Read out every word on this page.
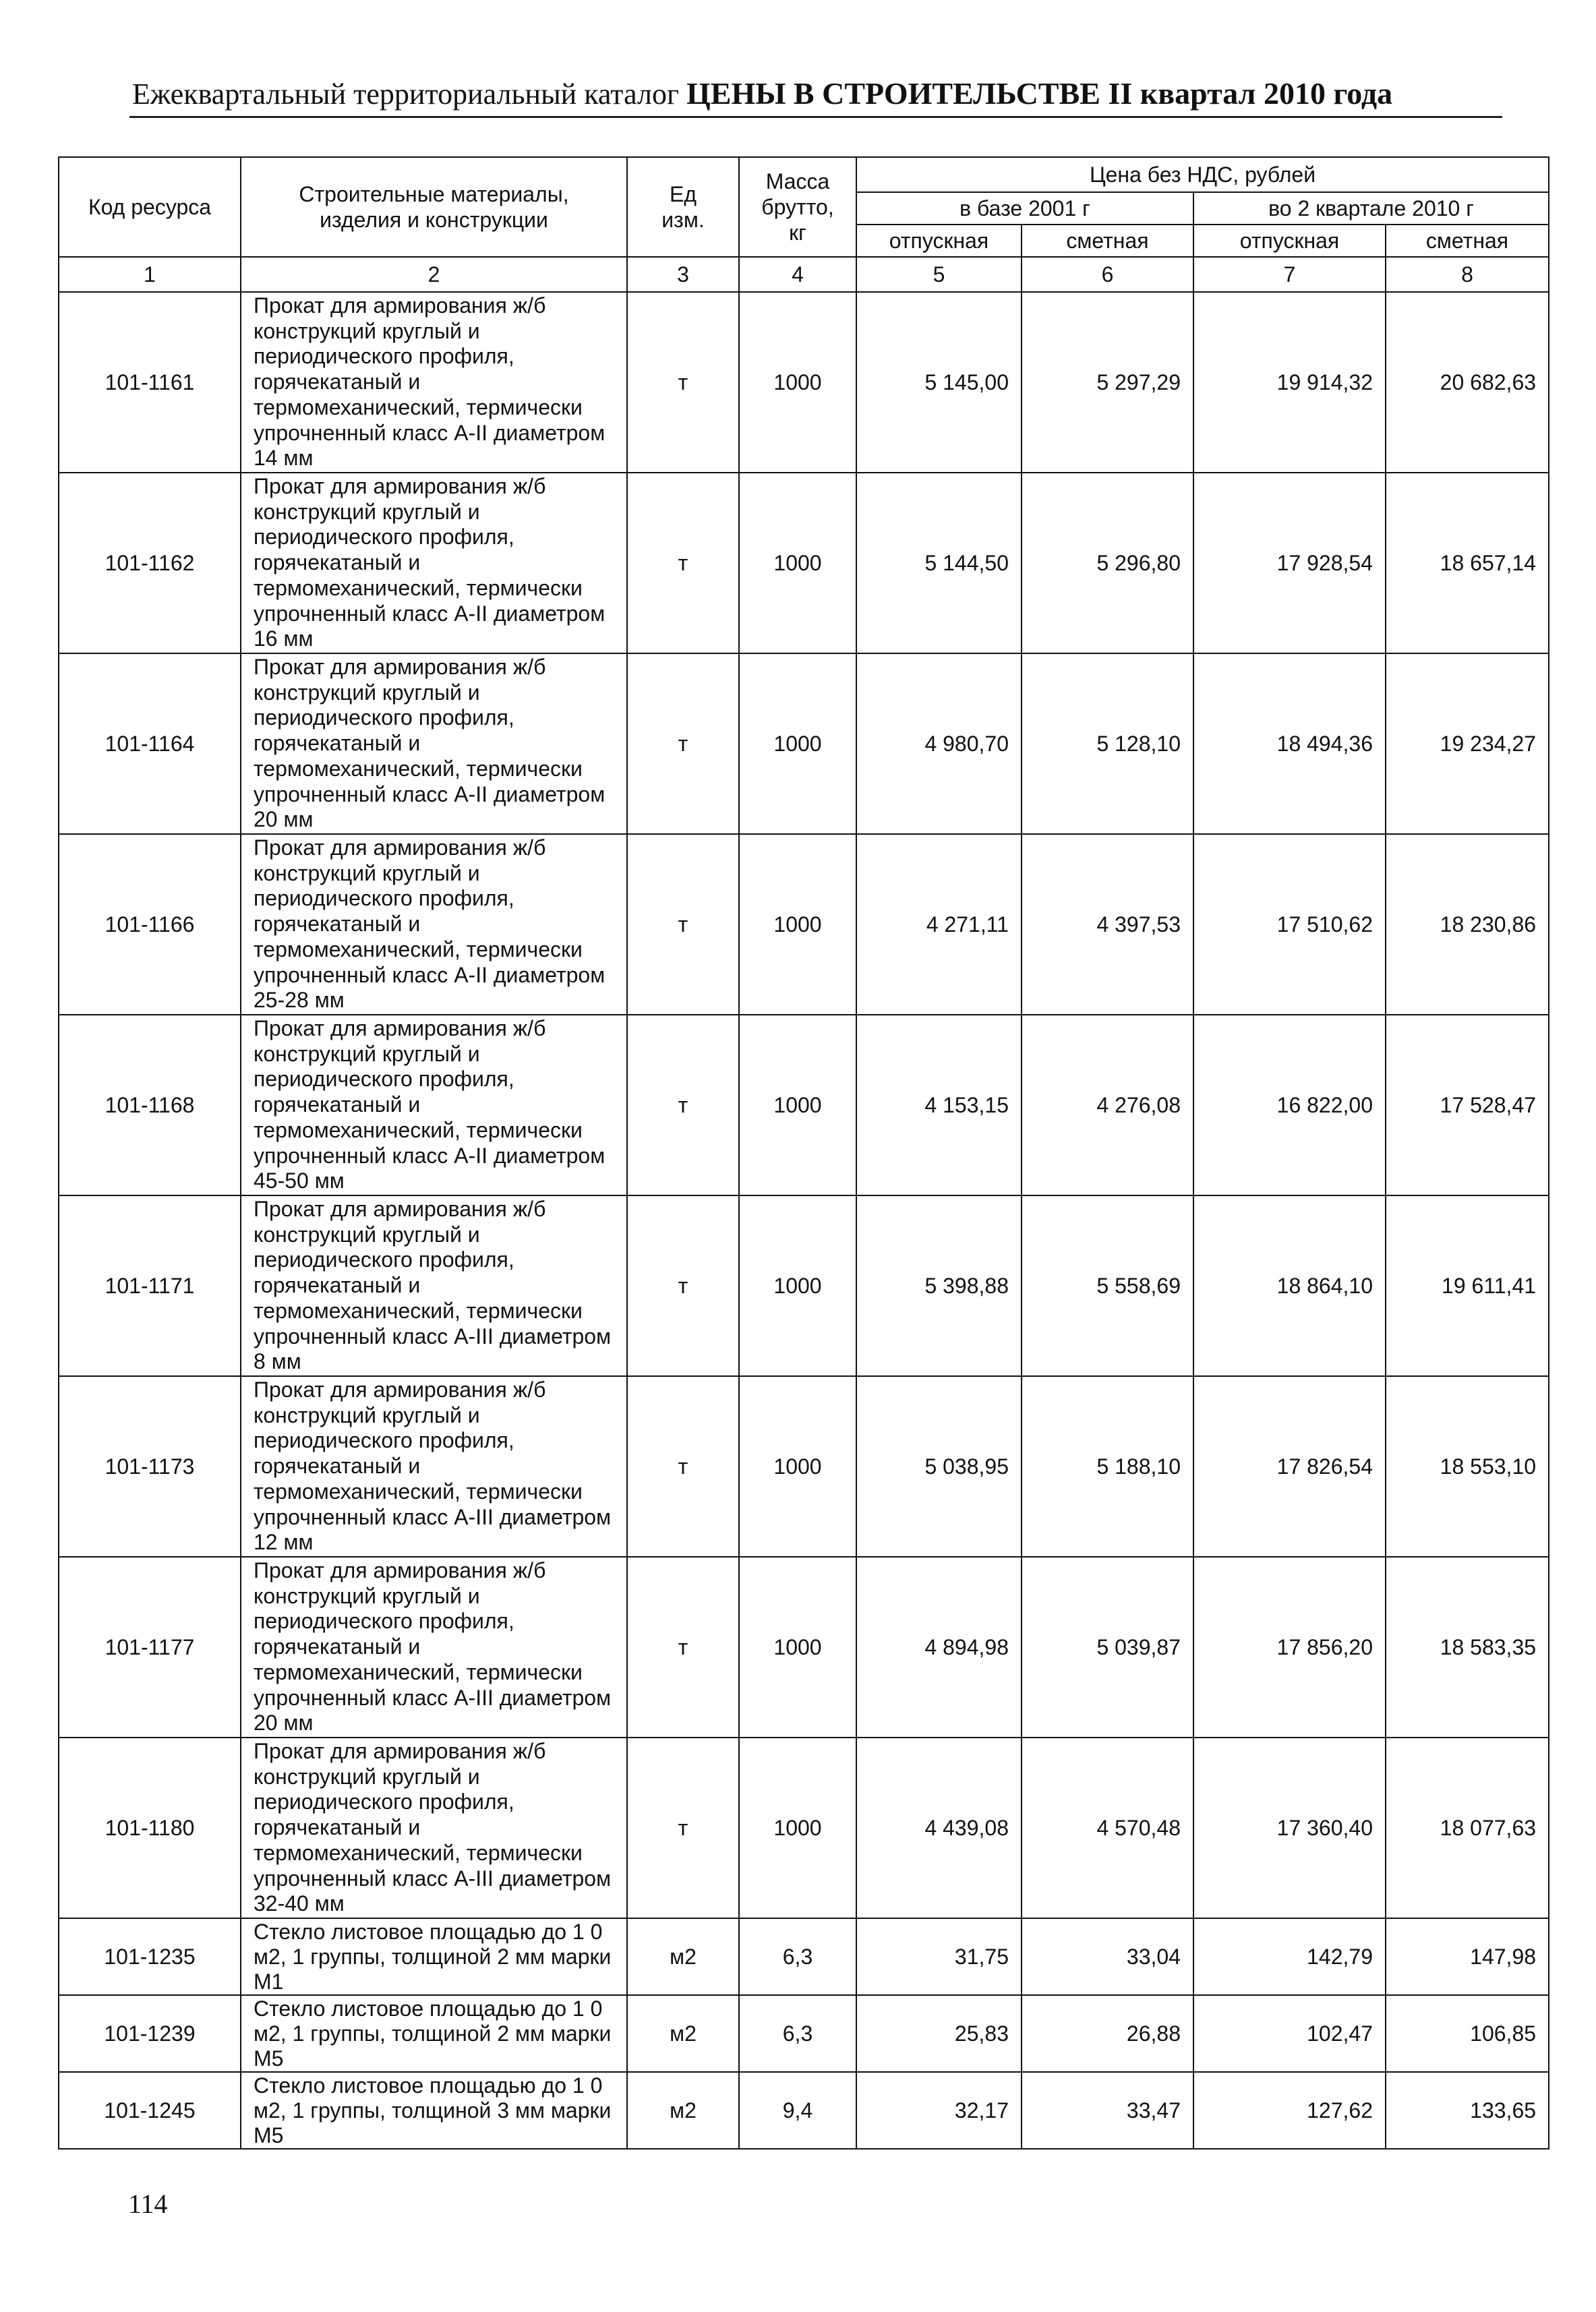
Ежеквартальный территориальный каталог ЦЕНЫ В СТРОИТЕЛЬСТВЕ II квартал 2010 года
Код ресурса	Строительные материалы, изделия и конструкции	Ед изм.	Масса брутто, кг	Цена без НДС, рублей			
				в базе 2001 г		во 2 квартале 2010 г	
				отпускная	сметная	отпускная	сметная
1	2	3	4	5	6	7	8
101-1161	Прокат для армирования ж/б конструкций круглый и периодического профиля, горячекатаный и термомеханический, термически упрочненный класс А-II диаметром 14 мм	т	1000	5 145,00	5 297,29	19 914,32	20 682,63
101-1162	Прокат для армирования ж/б конструкций круглый и периодического профиля, горячекатаный и термомеханический, термически упрочненный класс А-II диаметром 16 мм	т	1000	5 144,50	5 296,80	17 928,54	18 657,14
101-1164	Прокат для армирования ж/б конструкций круглый и периодического профиля, горячекатаный и термомеханический, термически упрочненный класс А-II диаметром 20 мм	т	1000	4 980,70	5 128,10	18 494,36	19 234,27
101-1166	Прокат для армирования ж/б конструкций круглый и периодического профиля, горячекатаный и термомеханический, термически упрочненный класс А-II диаметром 25-28 мм	т	1000	4 271,11	4 397,53	17 510,62	18 230,86
101-1168	Прокат для армирования ж/б конструкций круглый и периодического профиля, горячекатаный и термомеханический, термически упрочненный класс А-II диаметром 45-50 мм	т	1000	4 153,15	4 276,08	16 822,00	17 528,47
101-1171	Прокат для армирования ж/б конструкций круглый и периодического профиля, горячекатаный и термомеханический, термически упрочненный класс А-III диаметром 8 мм	т	1000	5 398,88	5 558,69	18 864,10	19 611,41
101-1173	Прокат для армирования ж/б конструкций круглый и периодического профиля, горячекатаный и термомеханический, термически упрочненный класс А-III диаметром 12 мм	т	1000	5 038,95	5 188,10	17 826,54	18 553,10
101-1177	Прокат для армирования ж/б конструкций круглый и периодического профиля, горячекатаный и термомеханический, термически упрочненный класс А-III диаметром 20 мм	т	1000	4 894,98	5 039,87	17 856,20	18 583,35
101-1180	Прокат для армирования ж/б конструкций круглый и периодического профиля, горячекатаный и термомеханический, термически упрочненный класс А-III диаметром 32-40 мм	т	1000	4 439,08	4 570,48	17 360,40	18 077,63
101-1235	Стекло листовое площадью до 1 0 м2, 1 группы, толщиной 2 мм марки М1	м2	6,3	31,75	33,04	142,79	147,98
101-1239	Стекло листовое площадью до 1 0 м2, 1 группы, толщиной 2 мм марки М5	м2	6,3	25,83	26,88	102,47	106,85
101-1245	Стекло листовое площадью до 1 0 м2, 1 группы, толщиной 3 мм марки М5	м2	9,4	32,17	33,47	127,62	133,65
114
